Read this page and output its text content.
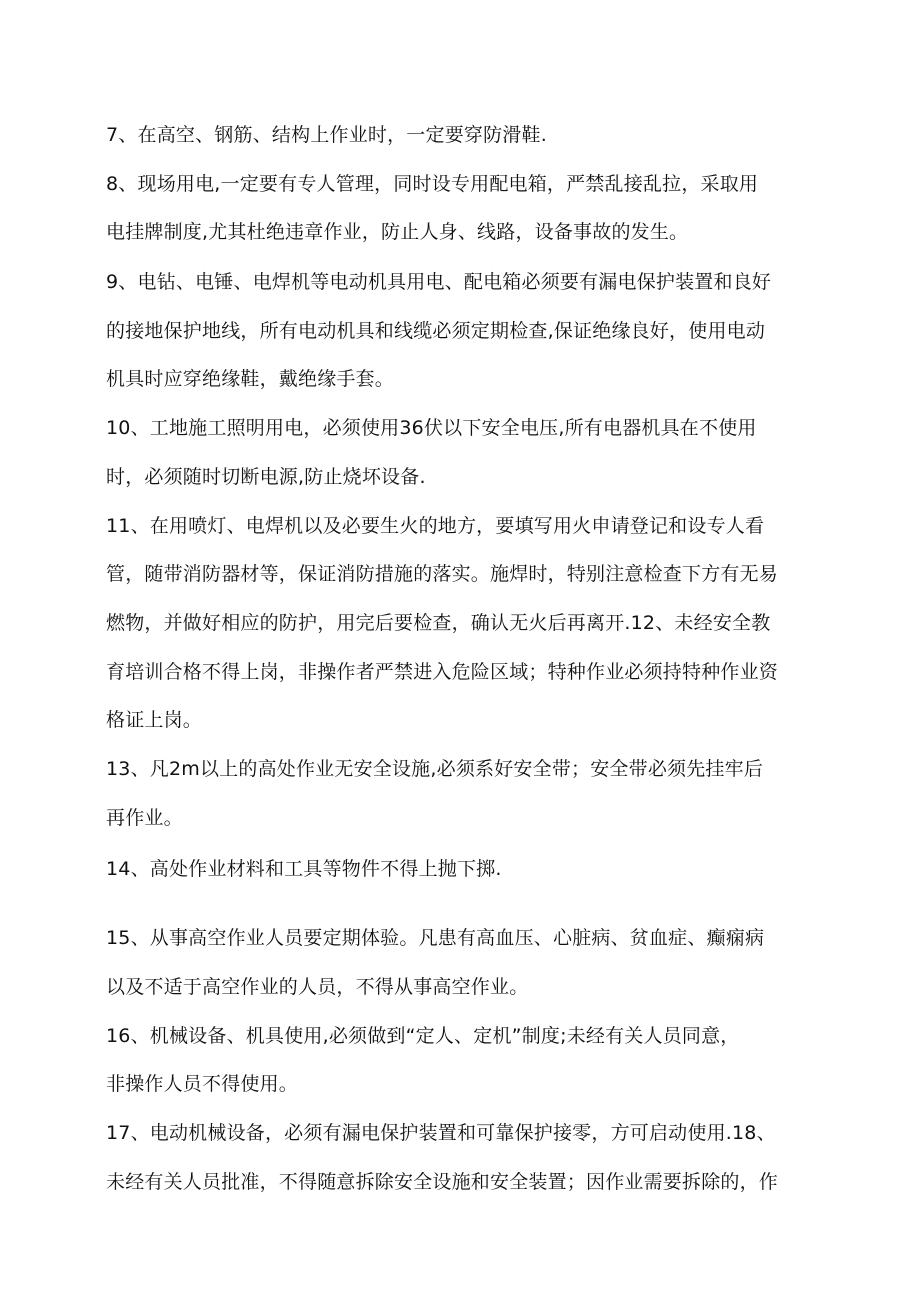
7、在高空、钢筋、结构上作业时，一定要穿防滑鞋.
8、现场用电,一定要有专人管理，同时设专用配电箱，严禁乱接乱拉，采取用
电挂牌制度,尤其杜绝违章作业，防止人身、线路，设备事故的发生。
9、电钻、电锤、电焊机等电动机具用电、配电箱必须要有漏电保护装置和良好
的接地保护地线，所有电动机具和线缆必须定期检查,保证绝缘良好，使用电动
机具时应穿绝缘鞋，戴绝缘手套。
10、工地施工照明用电，必须使用36伏以下安全电压,所有电器机具在不使用
时，必须随时切断电源,防止烧坏设备.
11、在用喷灯、电焊机以及必要生火的地方，要填写用火申请登记和设专人看
管，随带消防器材等，保证消防措施的落实。施焊时，特别注意检查下方有无易
燃物，并做好相应的防护，用完后要检查，确认无火后再离开.12、未经安全教
育培训合格不得上岗，非操作者严禁进入危险区域；特种作业必须持特种作业资
格证上岗。
13、凡2m以上的高处作业无安全设施,必须系好安全带；安全带必须先挂牢后
再作业。
14、高处作业材料和工具等物件不得上抛下掷.
15、从事高空作业人员要定期体验。凡患有高血压、心脏病、贫血症、癫痫病
以及不适于高空作业的人员，不得从事高空作业。
16、机械设备、机具使用,必须做到“定人、定机”制度;未经有关人员同意，
非操作人员不得使用。
17、电动机械设备，必须有漏电保护装置和可靠保护接零，方可启动使用.18、
未经有关人员批准，不得随意拆除安全设施和安全装置；因作业需要拆除的，作
